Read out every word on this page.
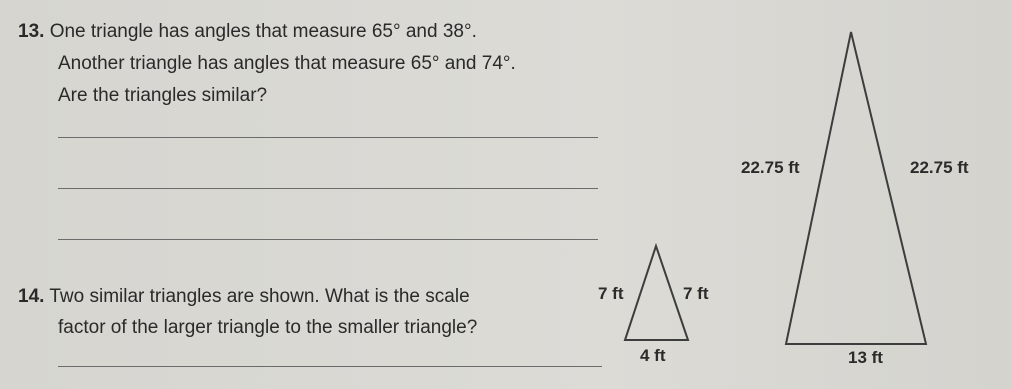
13. One triangle has angles that measure 65° and 38°.
Another triangle has angles that measure 65° and 74°.
Are the triangles similar?
14. Two similar triangles are shown. What is the scale
factor of the larger triangle to the smaller triangle?
7 ft	7 ft
4 ft
22.75 ft	22.75 ft
13 ft
